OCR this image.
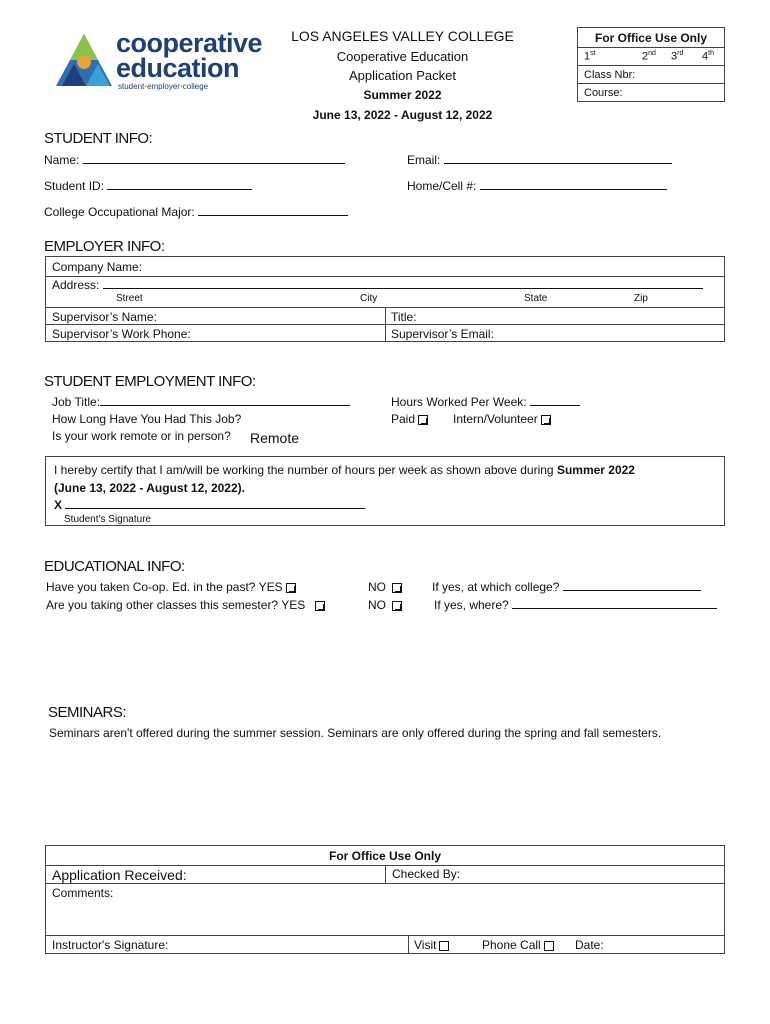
cooperative
education
student•employer•college
LOS ANGELES VALLEY COLLEGE
Cooperative Education
Application Packet
Summer 2022
June 13, 2022 - August 12, 2022
For Office Use Only
1st	2nd 3rd 4th
Class Nbr:
Course:
STUDENT INFO:
Name:	Email:
Student ID:	Home/Cell #:
College Occupational Major:
EMPLOYER INFO:
Company Name:
Address:
Street	City	State	Zip
Supervisor’s Name:	Title:
Supervisor’s Work Phone:	Supervisor’s Email:
STUDENT EMPLOYMENT INFO:
Job Title:	Hours Worked Per Week:
How Long Have You Had This Job?	Paid	Intern/Volunteer
Is your work remote or in person? Remote
I hereby certify that I am/will be working the number of hours per week as shown above during Summer 2022
(June 13, 2022 - August 12, 2022).
X
Student’s Signature
EDUCATIONAL INFO:
Have you taken Co-op. Ed. in the past? YES	NO	If yes, at which college?
Are you taking other classes this semester? YES	NO	If yes, where?
SEMINARS:
Seminars aren't offered during the summer session. Seminars are only offered during the spring and fall semesters.
For Office Use Only
Application Received:	Checked By:
Comments:
Instructor's Signature:	Visit	Phone Call	Date:
